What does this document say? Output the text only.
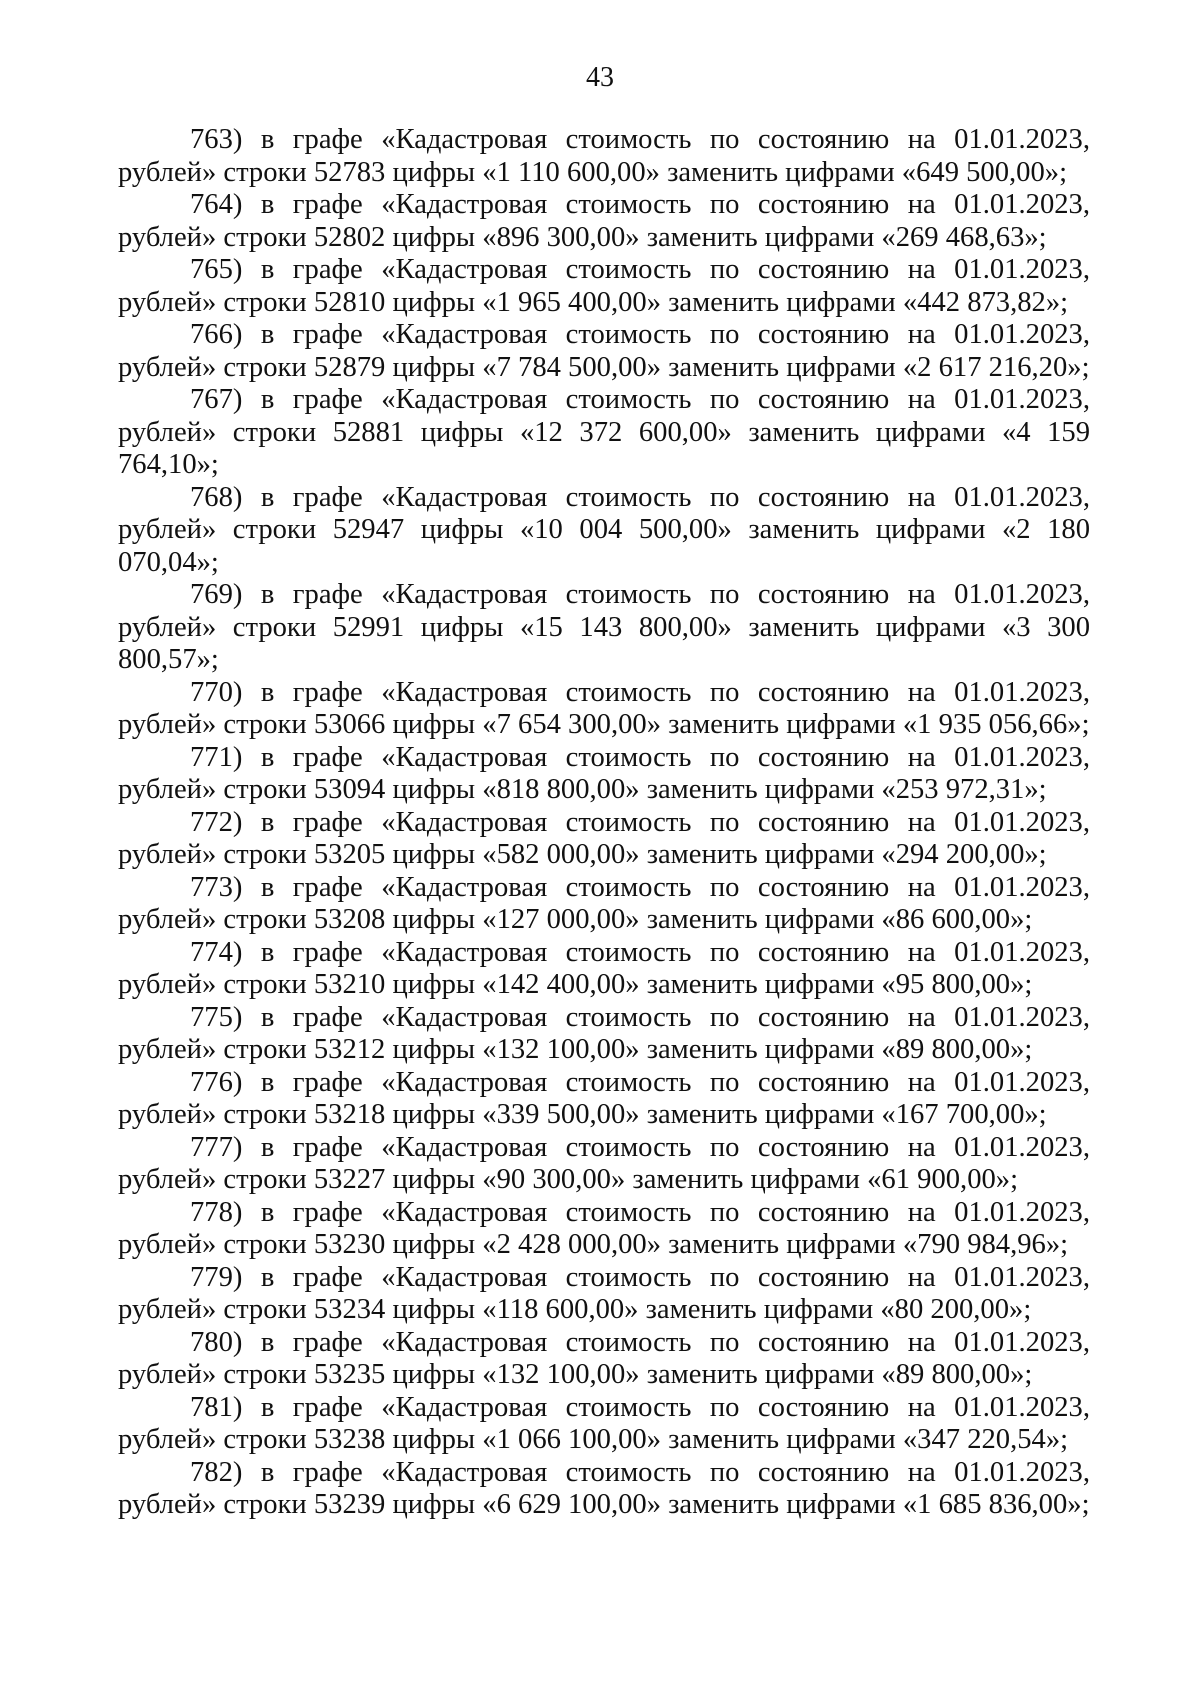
43

763) в графе «Кадастровая стоимость по состоянию на 01.01.2023, рублей» строки 52783 цифры «1 110 600,00» заменить цифрами «649 500,00»;

764) в графе «Кадастровая стоимость по состоянию на 01.01.2023, рублей» строки 52802 цифры «896 300,00» заменить цифрами «269 468,63»;

765) в графе «Кадастровая стоимость по состоянию на 01.01.2023, рублей» строки 52810 цифры «1 965 400,00» заменить цифрами «442 873,82»;

766) в графе «Кадастровая стоимость по состоянию на 01.01.2023, рублей» строки 52879 цифры «7 784 500,00» заменить цифрами «2 617 216,20»;

767) в графе «Кадастровая стоимость по состоянию на 01.01.2023, рублей» строки 52881 цифры «12 372 600,00» заменить цифрами «4 159 764,10»;

768) в графе «Кадастровая стоимость по состоянию на 01.01.2023, рублей» строки 52947 цифры «10 004 500,00» заменить цифрами «2 180 070,04»;

769) в графе «Кадастровая стоимость по состоянию на 01.01.2023, рублей» строки 52991 цифры «15 143 800,00» заменить цифрами «3 300 800,57»;

770) в графе «Кадастровая стоимость по состоянию на 01.01.2023, рублей» строки 53066 цифры «7 654 300,00» заменить цифрами «1 935 056,66»;

771) в графе «Кадастровая стоимость по состоянию на 01.01.2023, рублей» строки 53094 цифры «818 800,00» заменить цифрами «253 972,31»;

772) в графе «Кадастровая стоимость по состоянию на 01.01.2023, рублей» строки 53205 цифры «582 000,00» заменить цифрами «294 200,00»;

773) в графе «Кадастровая стоимость по состоянию на 01.01.2023, рублей» строки 53208 цифры «127 000,00» заменить цифрами «86 600,00»;

774) в графе «Кадастровая стоимость по состоянию на 01.01.2023, рублей» строки 53210 цифры «142 400,00» заменить цифрами «95 800,00»;

775) в графе «Кадастровая стоимость по состоянию на 01.01.2023, рублей» строки 53212 цифры «132 100,00» заменить цифрами «89 800,00»;

776) в графе «Кадастровая стоимость по состоянию на 01.01.2023, рублей» строки 53218 цифры «339 500,00» заменить цифрами «167 700,00»;

777) в графе «Кадастровая стоимость по состоянию на 01.01.2023, рублей» строки 53227 цифры «90 300,00» заменить цифрами «61 900,00»;

778) в графе «Кадастровая стоимость по состоянию на 01.01.2023, рублей» строки 53230 цифры «2 428 000,00» заменить цифрами «790 984,96»;

779) в графе «Кадастровая стоимость по состоянию на 01.01.2023, рублей» строки 53234 цифры «118 600,00» заменить цифрами «80 200,00»;

780) в графе «Кадастровая стоимость по состоянию на 01.01.2023, рублей» строки 53235 цифры «132 100,00» заменить цифрами «89 800,00»;

781) в графе «Кадастровая стоимость по состоянию на 01.01.2023, рублей» строки 53238 цифры «1 066 100,00» заменить цифрами «347 220,54»;

782) в графе «Кадастровая стоимость по состоянию на 01.01.2023, рублей» строки 53239 цифры «6 629 100,00» заменить цифрами «1 685 836,00»;
